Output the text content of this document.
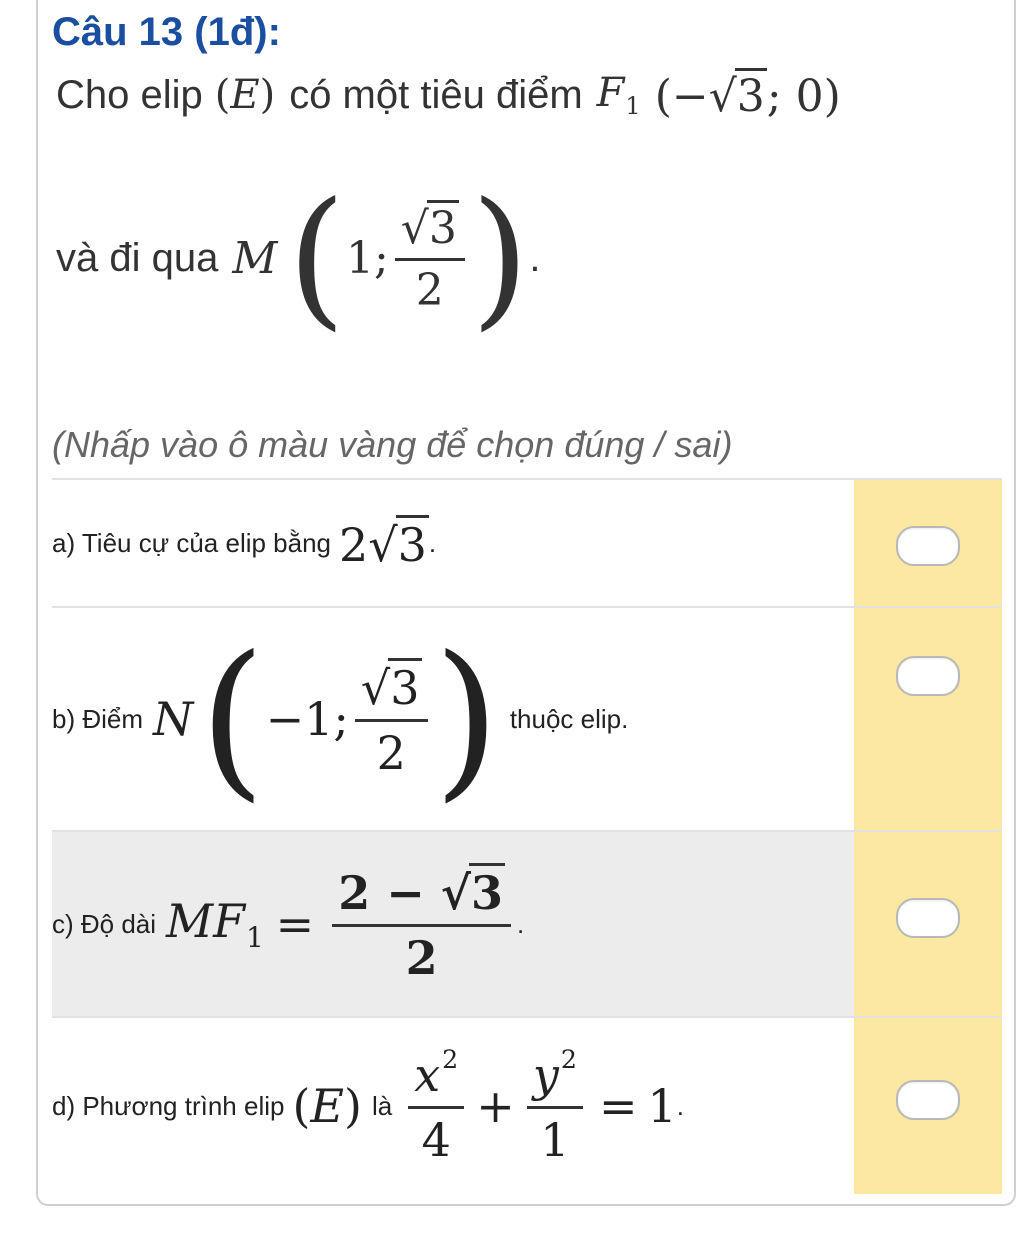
Câu 13 (1đ):
Cho elip ( E ) có một tiêu điểm $F_1$ (−√ 3 ; 0)
và đi qua M ( 1 ; $\frac{√ 3}{2}$ ) .
(Nhấp vào ô màu vàng để chọn đúng / sai)
a) Tiêu cự của elip bằng 2√ 3 .
b) Điểm N ( −1 ; $\frac{√ 3}{2}$ ) thuộc elip.
c) Độ dài $MF_1 = \frac{2 - √ 3}{2}$ .
d) Phương trình elip ( E ) là $\frac{x^2}{4} + \frac{y^2}{1} = 1$ .
